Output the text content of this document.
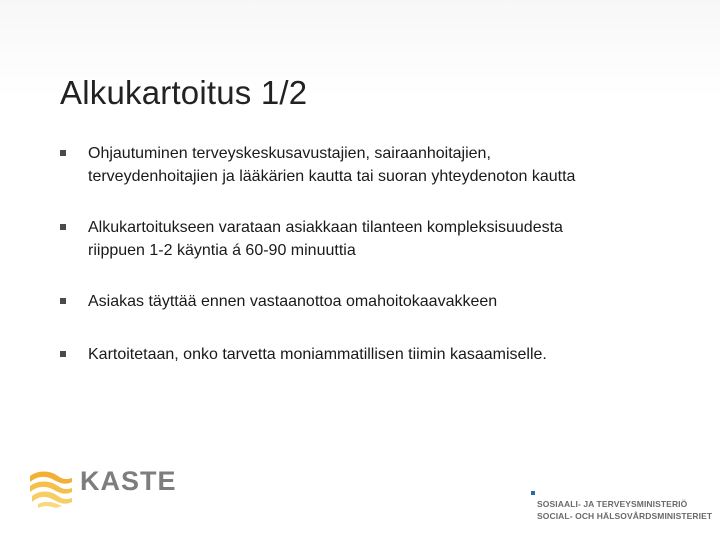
Alkukartoitus 1/2
Ohjautuminen terveyskeskusavustajien, sairaanhoitajien,
terveydenhoitajien ja lääkärien kautta tai suoran yhteydenoton kautta
Alkukartoitukseen varataan asiakkaan tilanteen kompleksisuudesta
riippuen 1-2 käyntia á 60-90 minuuttia
Asiakas täyttää ennen vastaanottoa omahoitokaavakkeen
Kartoitetaan, onko tarvetta moniammatillisen tiimin kasaamiselle.
KASTE
SOSIAALI- JA TERVEYSMINISTERIÖ
SOCIAL- OCH HÄLSOVÅRDSMINISTERIET
